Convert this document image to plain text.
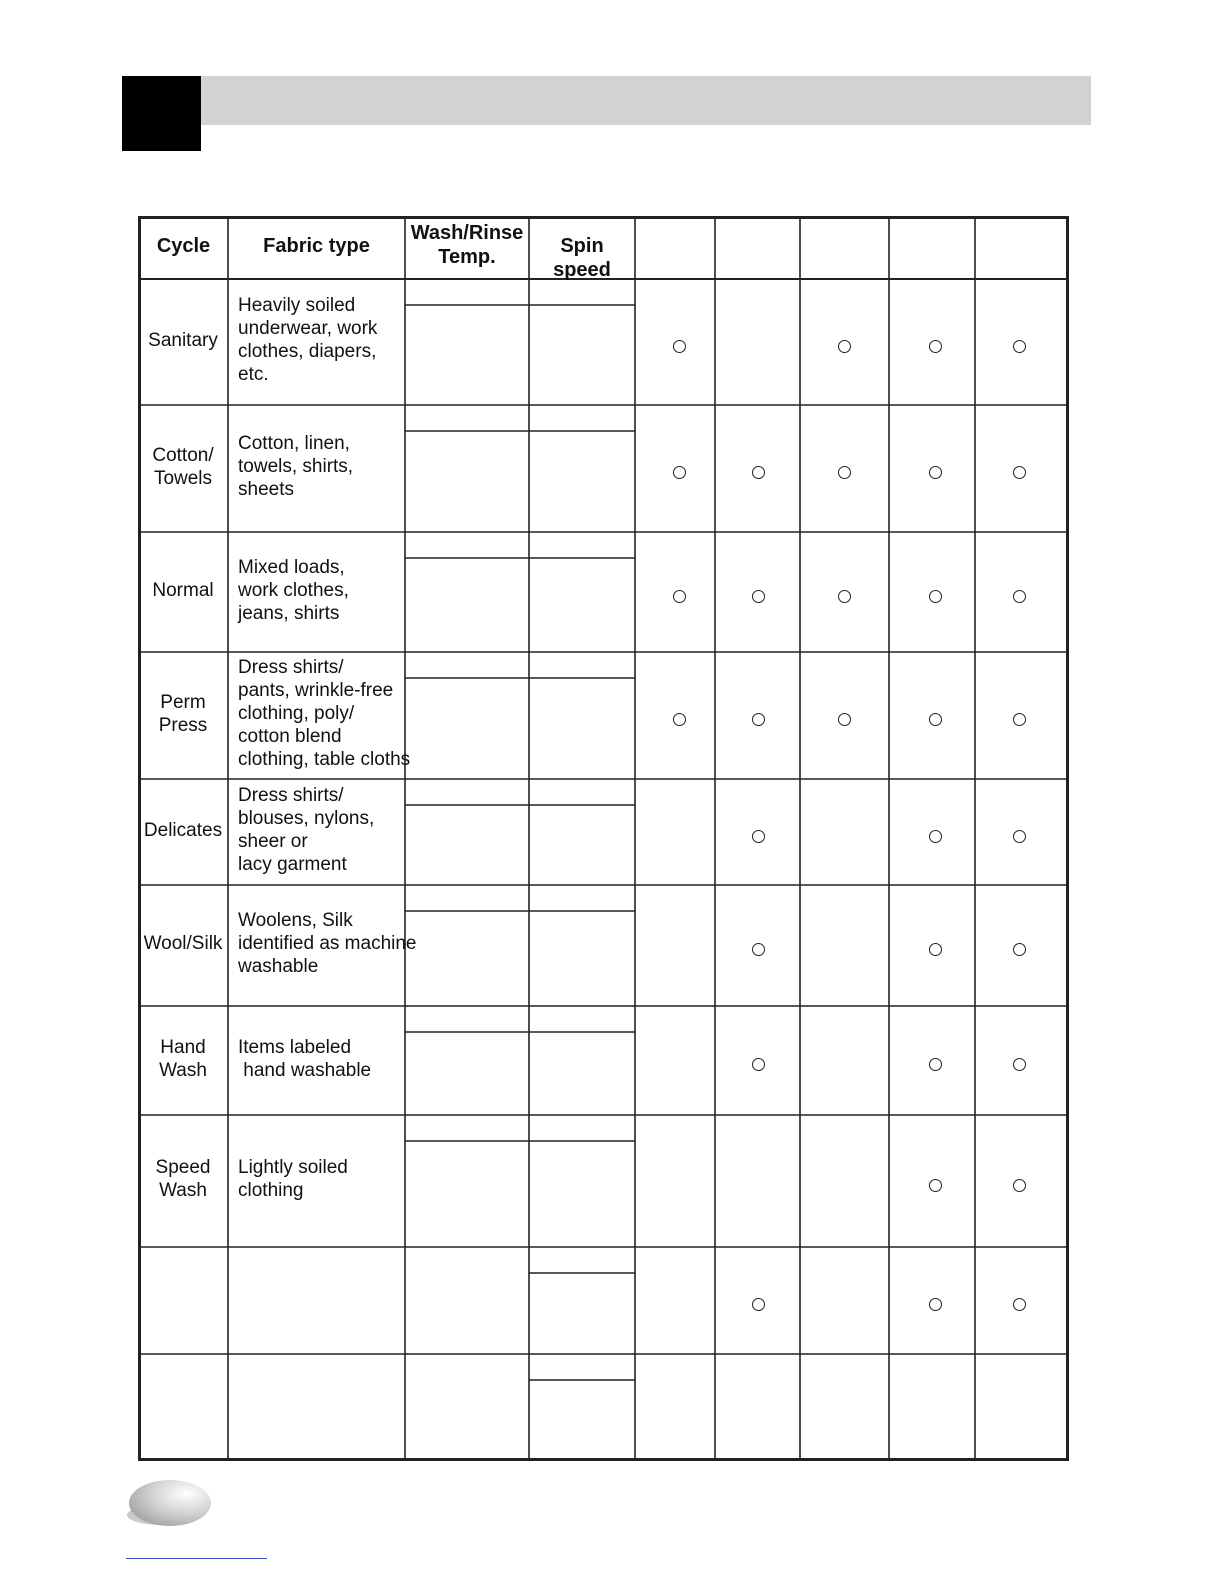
Cycle	Fabric type
Wash/Rinse
Temp.	Spin speed
Sanitary
Heavily soiled
underwear, work
clothes, diapers,
etc.
Cotton/
Towels
Cotton, linen,
towels, shirts,
sheets
Normal
Mixed loads,
work clothes,
jeans, shirts
Perm
Press
Dress shirts/
pants, wrinkle-free
clothing, poly/
cotton blend
clothing, table cloths
Delicates
Dress shirts/
blouses, nylons,
sheer or
lacy garment
Wool/Silk
Woolens, Silk
identified as machine
washable
Hand
Wash
Items labeled
hand washable
Speed
Wash
Lightly soiled
clothing
